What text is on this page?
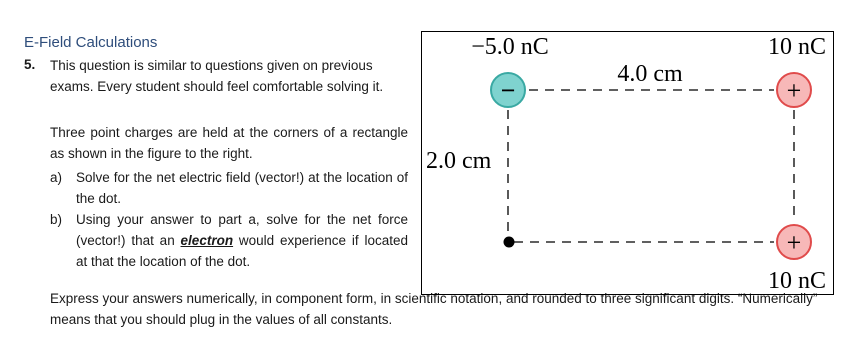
E-Field Calculations
5. This question is similar to questions given on previous exams. Every student should feel comfortable solving it.
Three point charges are held at the corners of a rectangle as shown in the figure to the right.
a) Solve for the net electric field (vector!) at the location of the dot.
b) Using your answer to part a, solve for the net force (vector!) that an electron would experience if located at that the location of the dot.
Express your answers numerically, in component form, in scientific notation, and rounded to three significant digits. “Numerically” means that you should plug in the values of all constants.
−	+
+
−5.0 nC	10 nC
10 nC
4.0 cm
2.0 cm
